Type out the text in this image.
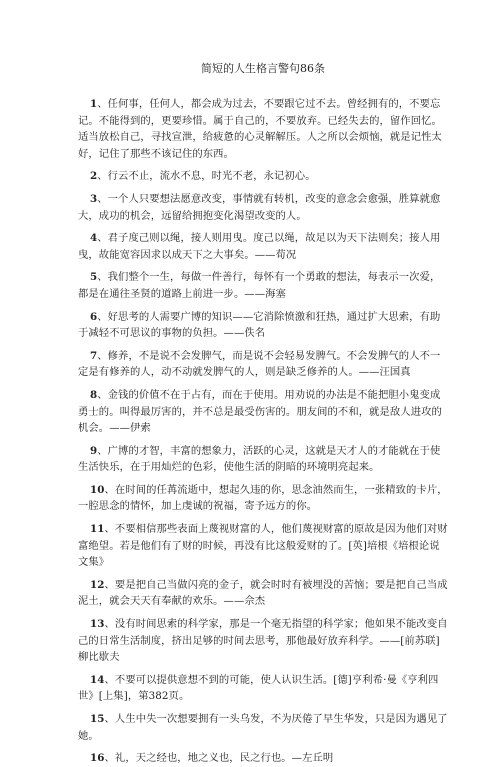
简短的人生格言警句86条

1、任何事，任何人，都会成为过去，不要跟它过不去。曾经拥有的，不要忘记。不能得到的，更要珍惜。属于自己的，不要放弃。已经失去的，留作回忆。适当放松自己，寻找宣泄，给疲惫的心灵解解压。人之所以会烦恼，就是记性太好，记住了那些不该记住的东西。

2、行云不止，流水不息，时光不老，永记初心。

3、一个人只要想法愿意改变，事情就有转机，改变的意念会愈强，胜算就愈大，成功的机会，远留给拥抱变化渴望改变的人。

4、君子度己则以绳，接人则用曳。度己以绳，故足以为天下法则矣；接人用曳，故能宽容因求以成天下之大事矣。——荀况

5、我们整个一生，每做一件善行，每怀有一个勇敢的想法，每表示一次爱，都是在通往圣贤的道路上前进一步。——海塞

6、好思考的人需要广博的知识——它消除愤激和狂热，通过扩大思索，有助于减轻不可思议的事物的负担。——佚名

7、修养，不是说不会发脾气，而是说不会轻易发脾气。不会发脾气的人不一定是有修养的人，动不动就发脾气的人，则是缺乏修养的人。——汪国真

8、金钱的价值不在于占有，而在于使用。用劝说的办法是不能把胆小鬼变成勇士的。叫得最厉害的，并不总是最受伤害的。朋友间的不和，就是敌人进攻的机会。——伊索

9、广博的才智，丰富的想象力，活跃的心灵，这就是天才人的才能就在于使生活快乐，在于用灿烂的色彩，使他生活的阴暗的环境明亮起来。

10、在时间的任苒流逝中，想起久违的你，思念油然而生，一张精致的卡片，一腔思念的情怀，加上虔诚的祝福，寄予远方的你。

11、不要相信那些表面上蔑视财富的人，他们蔑视财富的原故是因为他们对财富绝望。若是他们有了财的时候，再没有比这般爱财的了。[英]培根《培根论说文集》

12、要是把自己当做闪亮的金子，就会时时有被埋没的苦恼；要是把自己当成泥土，就会天天有奉献的欢乐。——佘杰

13、没有时间思索的科学家，那是一个毫无指望的科学家；他如果不能改变自己的日常生活制度，挤出足够的时间去思考，那他最好放弃科学。——[前苏联]柳比歇夫

14、不要可以提供意想不到的可能，使人认识生活。[德]亨利希·曼《亨利四世》[上集]，第382页。

15、人生中失一次想要拥有一头乌发，不为厌倦了早生华发，只是因为遇见了她。

16、礼，天之经也，地之义也，民之行也。—左丘明
